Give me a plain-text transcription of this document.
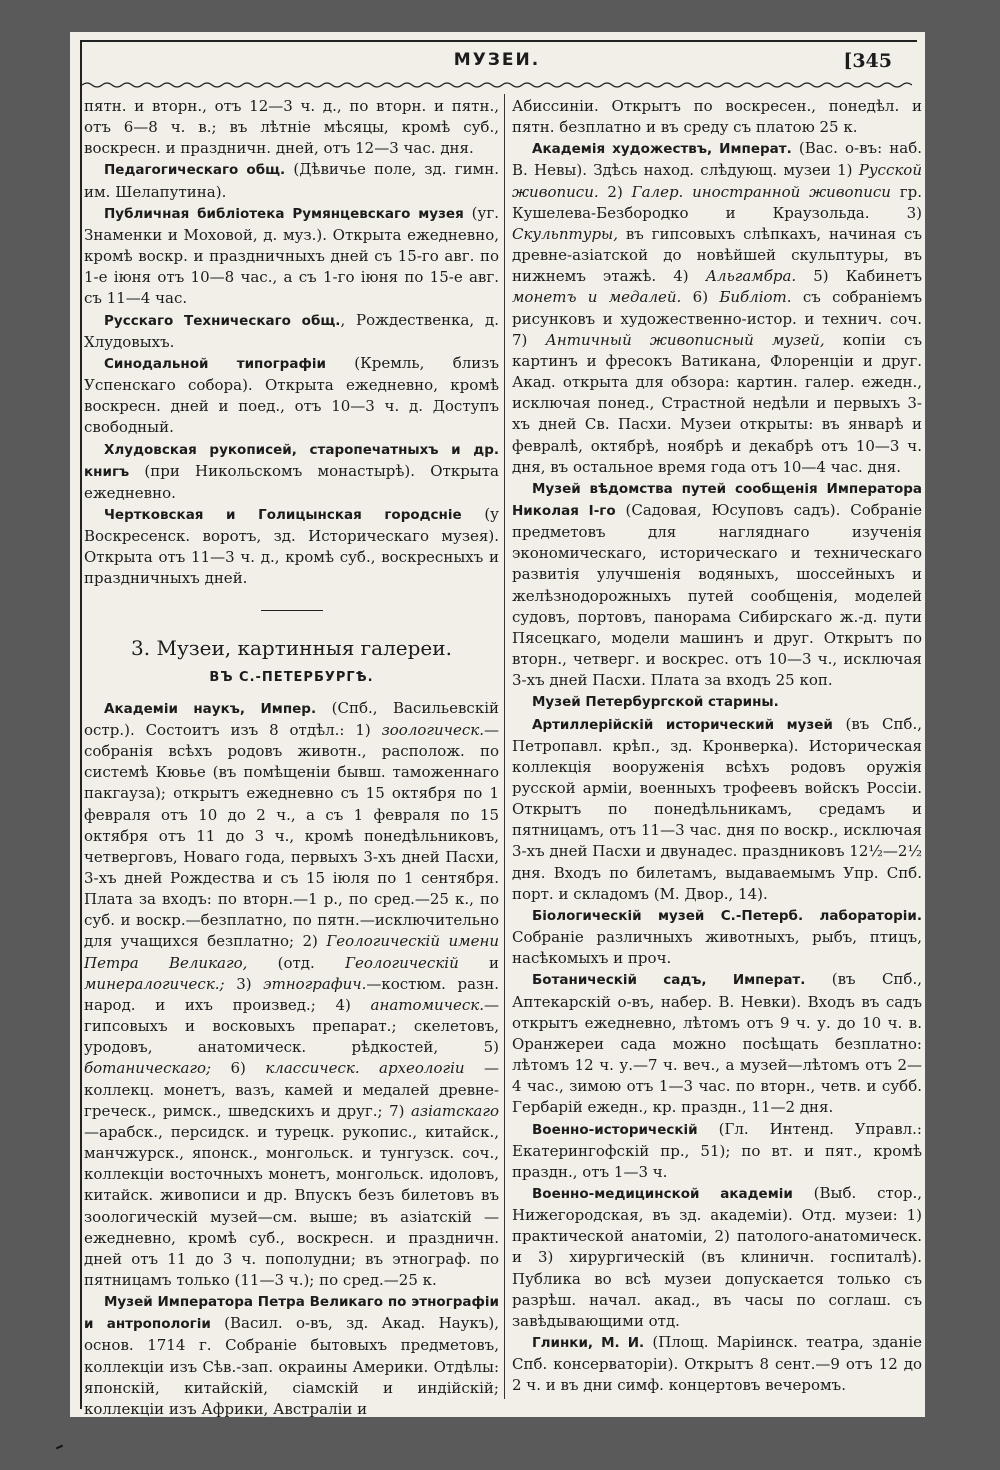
МУЗЕИ.	[345

пятн. и вторн., отъ 12—3 ч. д., по вторн. и пятн., отъ 6—8 ч. в.; въ лѣтніе мѣсяцы, кромѣ суб., воскресн. и праздничн. дней, отъ 12—3 час. дня.

Педагогическаго общ. (Дѣвичье поле, зд. гимн. им. Шелапутина).

Публичная библіотека Румянцевскаго музея (уг. Знаменки и Моховой, д. муз.). Открыта ежедневно, кромѣ воскр. и праздничныхъ дней съ 15-го авг. по 1-е іюня отъ 10—8 час., а съ 1-го іюня по 15-е авг. съ 11—4 час.

Русскаго Техническаго общ., Рождественка, д. Хлудовыхъ.

Синодальной типографіи (Кремль, близъ Успенскаго собора). Открыта ежедневно, кромѣ воскресн. дней и поед., отъ 10—3 ч. д. Доступъ свободный.

Хлудовская рукописей, старопечатныхъ и др. книгъ (при Никольскомъ монастырѣ). Открыта ежедневно.

Чертковская и Голицынская городсніе (у Воскресенск. воротъ, зд. Историческаго музея). Открыта отъ 11—3 ч. д., кромѣ суб., воскресныхъ и праздничныхъ дней.

3. Музеи, картинныя галереи.
ВЪ С.-ПЕТЕРБУРГѢ.

Академіи наукъ, Импер. (Спб., Васильевскій остр.). Состоитъ изъ 8 отдѣл.: 1) зоологическ.—собранія всѣхъ родовъ животн., располож. по системѣ Кювье (въ помѣщеніи бывш. таможеннаго пакгауза); открытъ ежедневно съ 15 октября по 1 февраля отъ 10 до 2 ч., а съ 1 февраля по 15 октября отъ 11 до 3 ч., кромѣ понедѣльниковъ, четверговъ, Новаго года, первыхъ 3-хъ дней Пасхи, 3-хъ дней Рождества и съ 15 іюля по 1 сентября. Плата за входъ: по вторн.—1 р., по сред.—25 к., по суб. и воскр.—безплатно, по пятн.—исключительно для учащихся безплатно; 2) Геологическій имени Петра Великаго, (отд. Геологическій и минералогическ.; 3) этнографич.—костюм. разн. народ. и ихъ произвед.; 4) анатомическ.—гипсовыхъ и восковыхъ препарат.; скелетовъ, уродовъ, анатомическ. рѣдкостей, 5) ботаническаго; 6) классическ. археологіи — коллекц. монетъ, вазъ, камей и медалей древне-греческ., римск., шведскихъ и друг.; 7) азіатскаго—арабск., персидск. и турецк. рукопис., китайск., манчжурск., японск., монгольск. и тунгузск. соч., коллекціи восточныхъ монетъ, монгольск. идоловъ, китайск. живописи и др. Впускъ безъ билетовъ въ зоологическій музей—см. выше; въ азіатскій — ежедневно, кромѣ суб., воскресн. и праздничн. дней отъ 11 до 3 ч. пополудни; въ этнограф. по пятницамъ только (11—3 ч.); по сред.—25 к.

Музей Императора Петра Великаго по этнографіи и антропологіи (Васил. о-въ, зд. Акад. Наукъ), основ. 1714 г. Собраніе бытовыхъ предметовъ, коллекціи изъ Сѣв.-зап. окраины Америки. Отдѣлы: японскій, китайскій, сіамскій и индійскій; коллекціи изъ Африки, Австраліи и

Абиссиніи. Открытъ по воскресен., понедѣл. и пятн. безплатно и въ среду съ платою 25 к.

Академія художествъ, Императ. (Вас. о-въ: наб. В. Невы). Здѣсь наход. слѣдующ. музеи 1) Русской живописи. 2) Галер. иностранной живописи гр. Кушелева-Безбородко и Краузольда. 3) Скульптуры, въ гипсовыхъ слѣпкахъ, начиная съ древне-азіатской до новѣйшей скульптуры, въ нижнемъ этажѣ. 4) Альгамбра. 5) Кабинетъ монетъ и медалей. 6) Библіот. съ собраніемъ рисунковъ и художественно-истор. и технич. соч. 7) Античный живописный музей, копіи съ картинъ и фресокъ Ватикана, Флоренціи и друг. Акад. открыта для обзора: картин. галер. ежедн., исключая понед., Страстной недѣли и первыхъ 3-хъ дней Св. Пасхи. Музеи открыты: въ январѣ и февралѣ, октябрѣ, ноябрѣ и декабрѣ отъ 10—3 ч. дня, въ остальное время года отъ 10—4 час. дня.

Музей вѣдомства путей сообщенія Императора Николая I-го (Садовая, Юсуповъ садъ). Собраніе предметовъ для нагляднаго изученія экономическаго, историческаго и техническаго развитія улучшенія водяныхъ, шоссейныхъ и желѣзнодорожныхъ путей сообщенія, моделей судовъ, портовъ, панорама Сибирскаго ж.-д. пути Пясецкаго, модели машинъ и друг. Открытъ по вторн., четверг. и воскрес. отъ 10—3 ч., исключая 3-хъ дней Пасхи. Плата за входъ 25 коп.

Музей Петербургской старины.

Артиллерійскій исторический музей (въ Спб., Петропавл. крѣп., зд. Кронверка). Историческая коллекція вооруженія всѣхъ родовъ оружія русской арміи, военныхъ трофеевъ войскъ Россіи. Открытъ по понедѣльникамъ, средамъ и пятницамъ, отъ 11—3 час. дня по воскр., исключая 3-хъ дней Пасхи и двунадес. праздниковъ 12½—2½ дня. Входъ по билетамъ, выдаваемымъ Упр. Спб. порт. и складомъ (М. Двор., 14).

Біологическій музей С.-Петерб. лабораторіи. Собраніе различныхъ животныхъ, рыбъ, птицъ, насѣкомыхъ и проч.

Ботаническій садъ, Императ. (въ Спб., Аптекарскій о-въ, набер. В. Невки). Входъ въ садъ открытъ ежедневно, лѣтомъ отъ 9 ч. у. до 10 ч. в. Оранжереи сада можно посѣщать безплатно: лѣтомъ 12 ч. у.—7 ч. веч., а музей—лѣтомъ отъ 2—4 час., зимою отъ 1—3 час. по вторн., четв. и субб. Гербарій ежедн., кр. праздн., 11—2 дня.

Военно-историческій (Гл. Интенд. Управл.: Екатерингофскій пр., 51); по вт. и пят., кромѣ праздн., отъ 1—3 ч.

Военно-медицинской академіи (Выб. стор., Нижегородская, въ зд. академіи). Отд. музеи: 1) практической анатоміи, 2) патолого-анатомическ. и 3) хирургическій (въ клиничн. госпиталѣ). Публика во всѣ музеи допускается только съ разрѣш. начал. акад., въ часы по соглаш. съ завѣдывающими отд.

Глинки, М. И. (Площ. Маріинск. театра, зданіе Спб. консерваторіи). Открытъ 8 сент.—9 отъ 12 до 2 ч. и въ дни симф. концертовъ вечеромъ.
